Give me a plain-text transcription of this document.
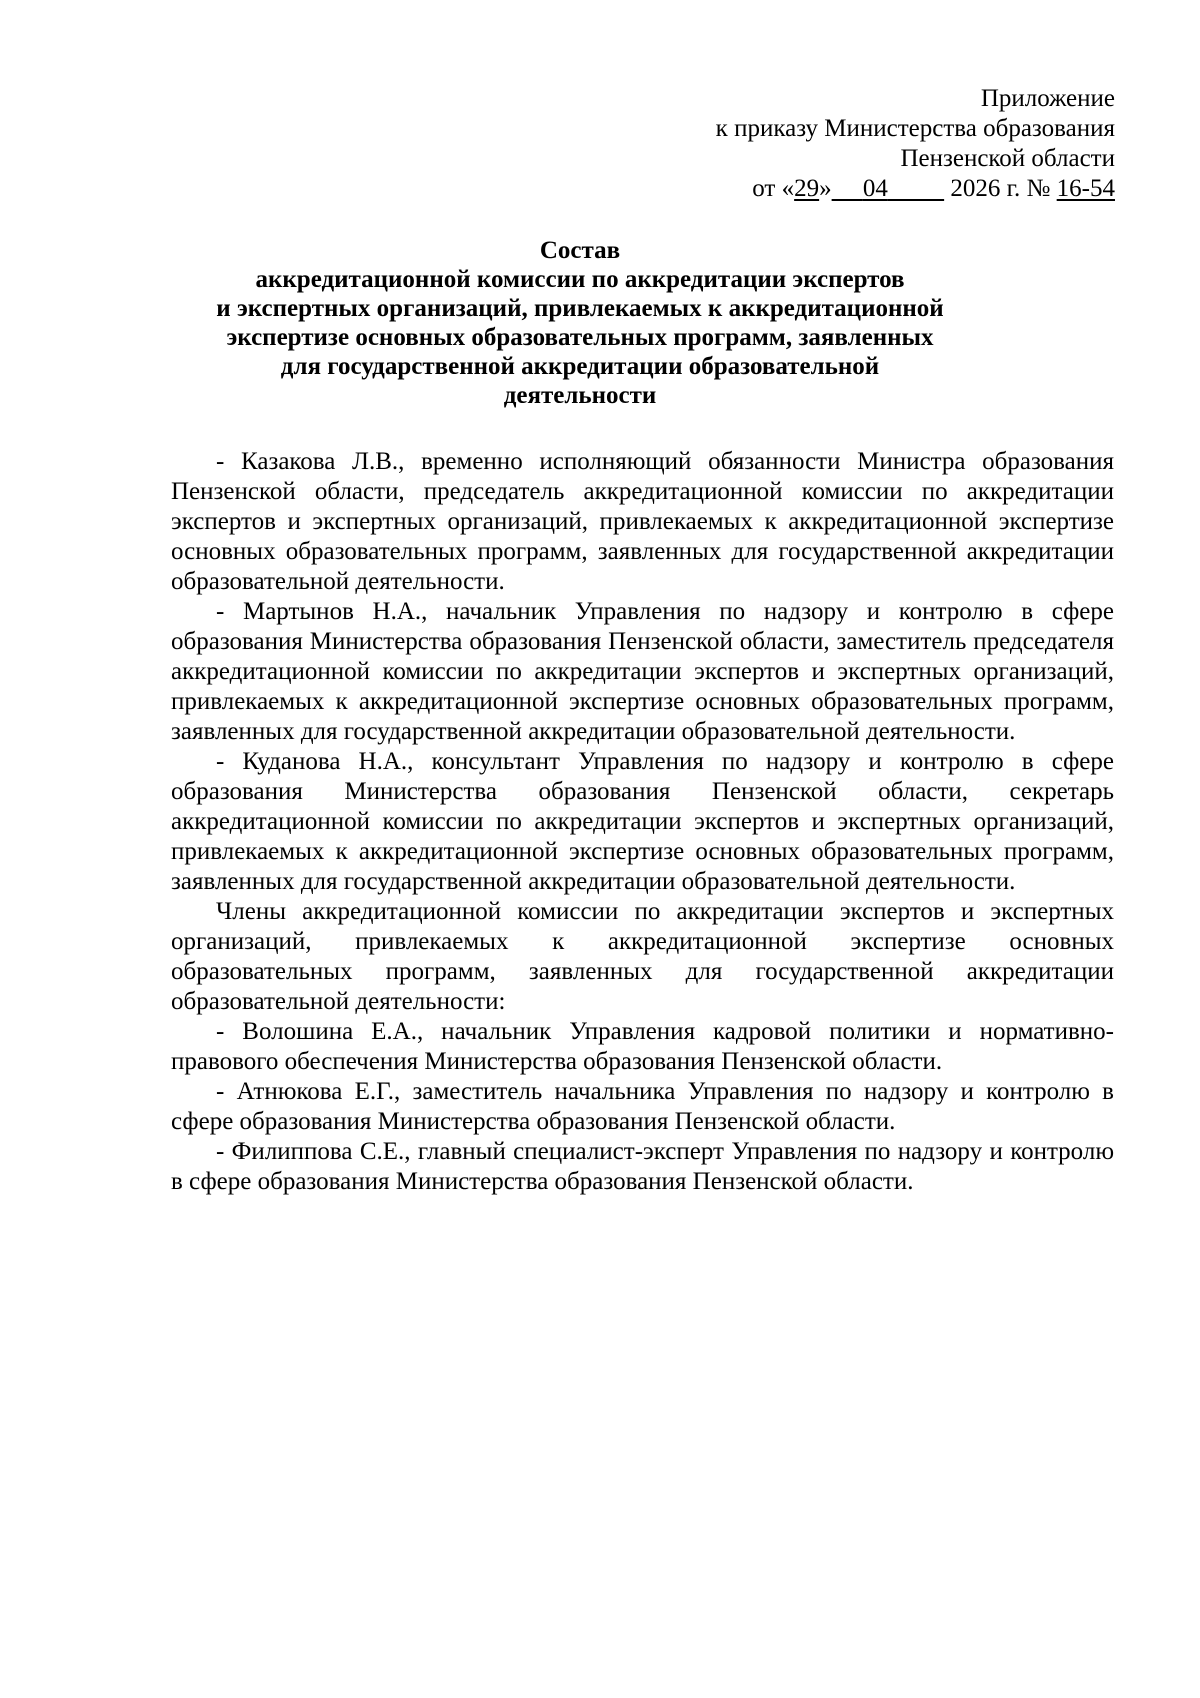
Приложение
к приказу Министерства образования
Пензенской области
от «29» 04	2026 г. № 16-54
Состав
аккредитационной комиссии по аккредитации экспертов
и экспертных организаций, привлекаемых к аккредитационной
экспертизе основных образовательных программ, заявленных
для государственной аккредитации образовательной
деятельности

- Казакова Л.В., временно исполняющий обязанности Министра образования Пензенской области, председатель аккредитационной комиссии по аккредитации экспертов и экспертных организаций, привлекаемых к аккредитационной экспертизе основных образовательных программ, заявленных для государственной аккредитации образовательной деятельности.

- Мартынов Н.А., начальник Управления по надзору и контролю в сфере образования Министерства образования Пензенской области, заместитель председателя аккредитационной комиссии по аккредитации экспертов и экспертных организаций, привлекаемых к аккредитационной экспертизе основных образовательных программ, заявленных для государственной аккредитации образовательной деятельности.

- Куданова Н.А., консультант Управления по надзору и контролю в сфере образования Министерства образования Пензенской области, секретарь аккредитационной комиссии по аккредитации экспертов и экспертных организаций, привлекаемых к аккредитационной экспертизе основных образовательных программ, заявленных для государственной аккредитации образовательной деятельности.

Члены аккредитационной комиссии по аккредитации экспертов и экспертных организаций, привлекаемых к аккредитационной экспертизе основных образовательных программ, заявленных для государственной аккредитации образовательной деятельности:

- Волошина Е.А., начальник Управления кадровой политики и нормативно-правового обеспечения Министерства образования Пензенской области.

- Атнюкова Е.Г., заместитель начальника Управления по надзору и контролю в сфере образования Министерства образования Пензенской области.

- Филиппова С.Е., главный специалист-эксперт Управления по надзору и контролю в сфере образования Министерства образования Пензенской области.
